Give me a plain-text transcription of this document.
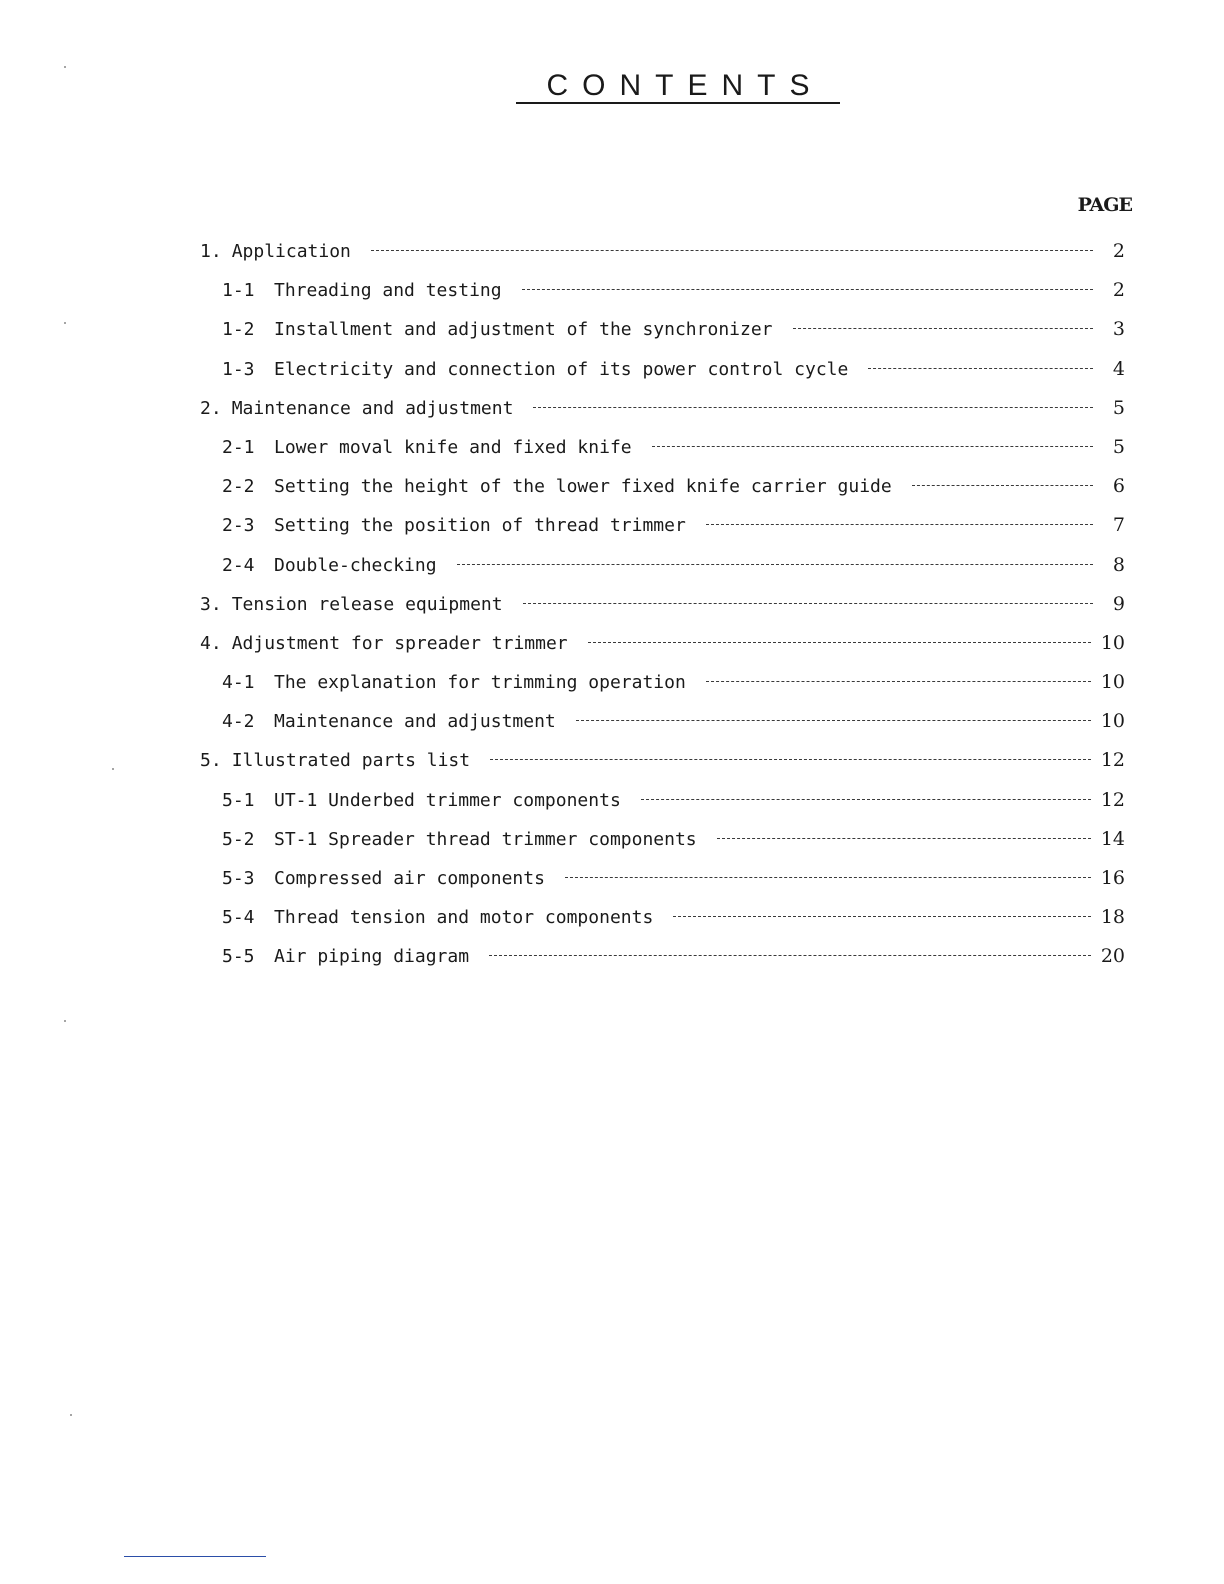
CONTENTS
PAGE
1. Application	2
1-1	Threading and testing	2
1-2	Installment and adjustment of the synchronizer	3
1-3	Electricity and connection of its power control cycle	4
2. Maintenance and adjustment	5
2-1	Lower moval knife and fixed knife	5
2-2	Setting the height of the lower fixed knife carrier guide	6
2-3	Setting the position of thread trimmer	7
2-4	Double-checking	8
3. Tension release equipment	9
4. Adjustment for spreader trimmer	10
4-1	The explanation for trimming operation	10
4-2	Maintenance and adjustment	10
5. Illustrated parts list	12
5-1	UT-1 Underbed trimmer components	12
5-2	ST-1 Spreader thread trimmer components	14
5-3	Compressed air components	16
5-4	Thread tension and motor components	18
5-5	Air piping diagram	20
